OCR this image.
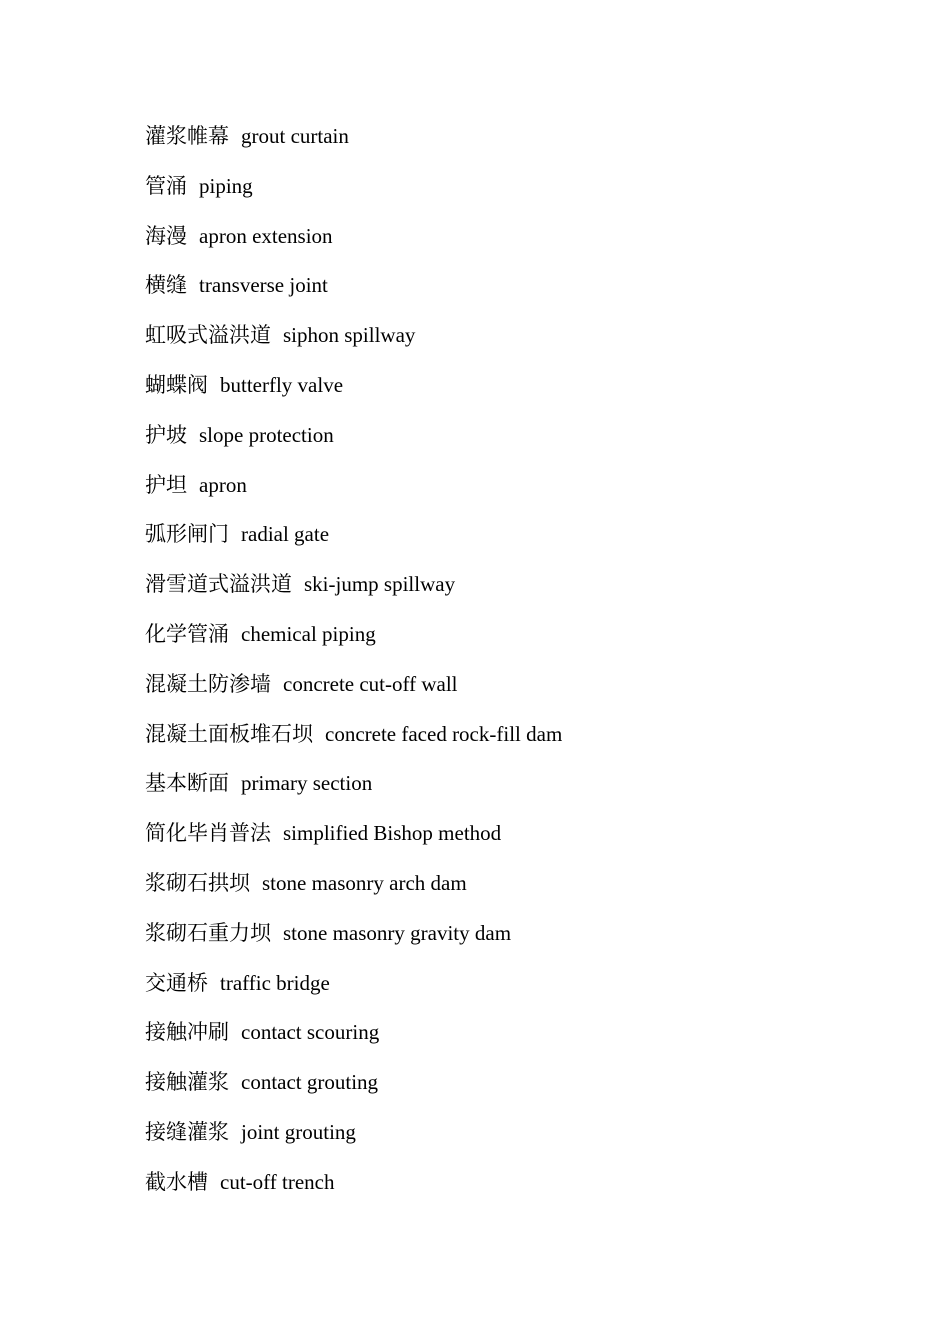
灌浆帷幕 grout curtain
管涌 piping
海漫 apron extension
横缝 transverse joint
虹吸式溢洪道 siphon spillway
蝴蝶阀 butterfly valve
护坡 slope protection
护坦 apron
弧形闸门 radial gate
滑雪道式溢洪道 ski-jump spillway
化学管涌 chemical piping
混凝土防渗墙 concrete cut-off wall
混凝土面板堆石坝 concrete faced rock-fill dam
基本断面 primary section
简化毕肖普法 simplified Bishop method
浆砌石拱坝 stone masonry arch dam
浆砌石重力坝 stone masonry gravity dam
交通桥 traffic bridge
接触冲刷 contact scouring
接触灌浆 contact grouting
接缝灌浆 joint grouting
截水槽 cut-off trench
